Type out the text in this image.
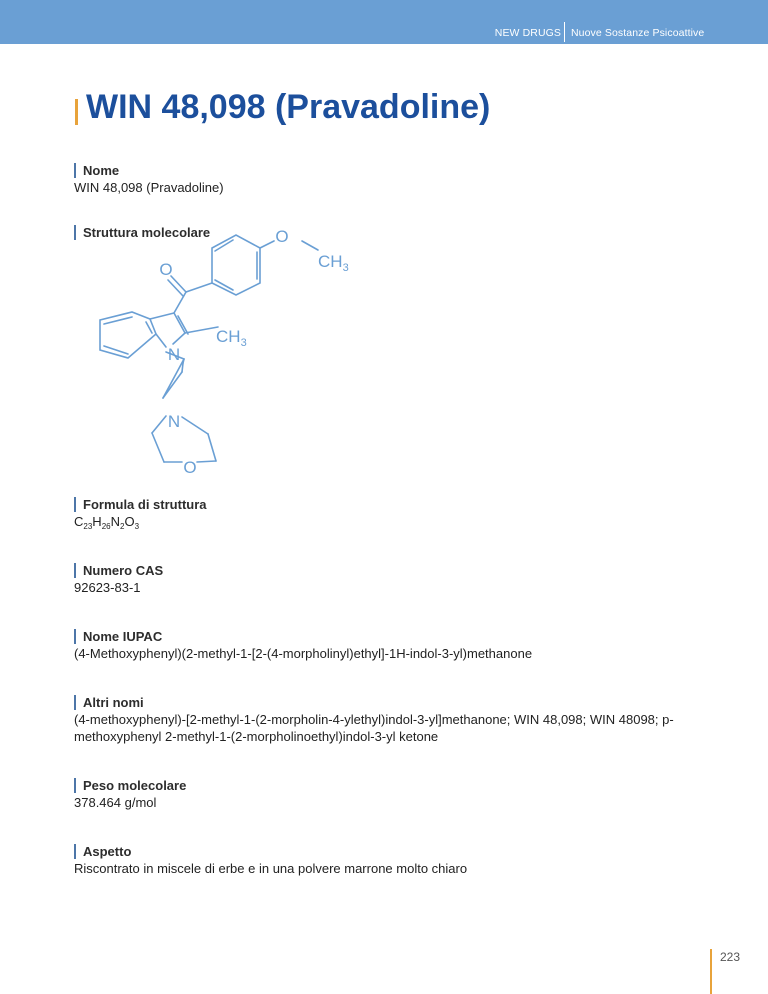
NEW DRUGS Nuove Sostanze Psicoattive
WIN 48,098 (Pravadoline)
Nome
WIN 48,098 (Pravadoline)
Struttura molecolare	O
$CH_3$
O
$CH_3$
N
N
O
Formula di struttura
$C_{23}H_{26}N_2O_3$
Numero CAS
92623-83-1
Nome IUPAC
(4-Methoxyphenyl)(2-methyl-1-[2-(4-morpholinyl)ethyl]-1H-indol-3-yl)methanone
Altri nomi
(4-methoxyphenyl)-[2-methyl-1-(2-morpholin-4-ylethyl)indol-3-yl]methanone; WIN 48,098; WIN 48098; p-methoxyphenyl 2-methyl-1-(2-morpholinoethyl)indol-3-yl ketone
Peso molecolare
378.464 g/mol
Aspetto
Riscontrato in miscele di erbe e in una polvere marrone molto chiaro
223
